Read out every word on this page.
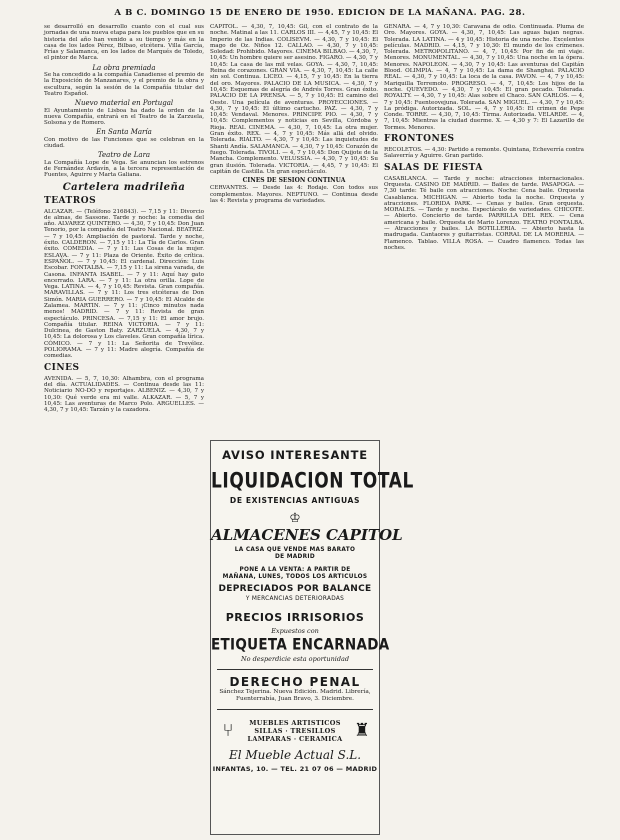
A B C. DOMINGO 15 DE ENERO DE 1950. EDICION DE LA MAÑANA. PAG. 28.

se desarrolló en desarrollo cuanto con el cual sus jornadas de una nueva etapa para los pueblos que en su historia del año han venido a su tiempo y más en la casa de los lados Pérez, Bilbao, etcétera. Villa García, Frías y Salamanca, en los lados de Marqués de Toledo, el pintor de Marca.

La obra premiada

Se ha concedido a la compañía Canadiense el premio de la Exposición de Manzanares, y el premio de la obra y escultura, según la sesión de la Compañía titular del Teatro Español.

Nuevo material en Portugal

El Ayuntamiento de Lisboa ha dado la orden de la nueva Compañía, entrará en el Teatro de la Zarzuela, Solsona y de Romero.

En Santa María

Con motivo de las Funciones que se celebran en la ciudad.

Teatro de Lara

La Compañía Lope de Vega. Se anuncian los estrenos de Fernández Ardavín, a la tercera representación de Fuentes, Aguirre y Marta Galiana.

Cartelera madrileña
TEATROS

ALCAZAR. — (Teléfono 216843). — 7,15 y 11: Divorcio de almas, de Sassone. Tarde y noche: la comedia del año. ALVAREZ QUINTERO. — 4,30, 7 y 10,45: Don Juan Tenorio, por la compañía del Teatro Nacional. BEATRIZ. — 7 y 10,45: Ampliación de pastoral. Tarde y noche, éxito. CALDERON. — 7,15 y 11: La Tía de Carlos. Gran éxito. COMEDIA. — 7 y 11: Las Cosas de la mujer. ESLAVA. — 7 y 11: Plaza de Oriente. Éxito de crítica. ESPAÑOL. — 7 y 10,45: El cardenal. Dirección: Luis Escobar. FONTALBA. — 7,15 y 11: La sirena varada, de Casona. INFANTA ISABEL. — 7 y 11: Aquí hay gato encerrado. LARA. — 7 y 11: La otra orilla. Lope de Vega. LATINA. — 4, 7 y 10,45: Revista. Gran compañía. MARAVILLAS. — 7 y 11: Los tres etcéteras de Don Simón. MARIA GUERRERO. — 7 y 10,45: El Alcalde de Zalamea. MARTIN. — 7 y 11: ¡Cinco minutos nada menos! MADRID. — 7 y 11: Revista de gran espectáculo. PRINCESA. — 7,15 y 11: El amor brujo. Compañía titular. REINA VICTORIA. — 7 y 11: Dulcinea, de Gaston Baty. ZARZUELA. — 4,30, 7 y 10,45: La dolorosa y Los claveles. Gran compañía lírica. CÓMICO. — 7 y 11: La Señorita de Trevélez. POLIORAMA. — 7 y 11: Madre alegría. Compañía de comedias.

CINES

AVENIDA. — 5, 7, 10,30: Alhambra, con el programa del día. ACTUALIDADES. — Continua desde las 11: Noticiario NO-DO y reportajes. ALBENIZ. — 4,30, 7 y 10,30: Qué verde era mi valle. ALKAZAR. — 5, 7 y 10,45: Las aventuras de Marco Polo. ARGUELLES. — 4,30, 7 y 10,45: Tarzán y la cazadora.

CAPITOL. — 4,30, 7, 10,45: Gil, con el contrato de la noche. Matinal a las 11. CARLOS III. — 4,45, 7 y 10,45: El Imperio de las Indias. COLISEVM. — 4,30, 7 y 10,45: El mago de Oz. Niños 12. CALLAO. — 4,30, 7 y 10,45: Soledad: Prohibido. Mayores. CINEMA BILBAO. — 4,30, 7, 10,45: Un hombre quiere ser asesino. FIGARO. — 4,30, 7 y 10,45: La casa de las mil velas. GOYA. — 4,30, 7, 10,45: Reina de corazones. GRAN VIA. — 4,30, 7, 10,45: La calle sin sol. Continua. LICEO. — 4,15, 7 y 10,45: En la tierra del oro. Mayores. PALACIO DE LA MUSICA. — 4,30, 7 y 10,45: Esquemas de alegría de Andrés Torres. Gran éxito. PALACIO DE LA PRENSA. — 5, 7 y 10,45: El camino del Oeste. Una película de aventuras. PROYECCIONES. — 4,30, 7 y 10,45: El último cartucho. PAZ. — 4,30, 7 y 10,45: Vendaval. Menores. PRINCIPE PIO. — 4,30, 7 y 10,45: Complementos y noticias en Sevilla, Córdoba y Rioja. REAL CINEMA. — 4,30, 7, 10,45: La otra mujer. Gran éxito. REX. — 4, 7 y 10,45: Más allá del olvido. Tolerada. RIALTO. — 4,30, 7 y 10,45: Las inquietudes de Shanti Andía. SALAMANCA. — 4,30, 7 y 10,45: Corazón de fuego. Tolerada. TIVOLI. — 4, 7 y 10,45: Don Quijote de la Mancha. Complemento. VELUSSIA. — 4,30, 7 y 10,45: Su gran ilusión. Tolerada. VICTORIA. — 4,45, 7 y 10,45: El capitán de Castilla. Un gran espectáculo.

CINES DE SESION CONTINUA

CERVANTES. — Desde las 4: Rodaje. Con todos sus complementos. Mayores. NEPTUNO. — Continua desde las 4: Revista y programa de variedades.

AVISO INTERESANTE
LIQUIDACION TOTAL
DE EXISTENCIAS ANTIGUAS
♔
ALMACENES CAPITOL
LA CASA QUE VENDE MAS BARATO
DE MADRID
PONE A LA VENTA: A PARTIR DE
MAÑANA, LUNES, TODOS LOS ARTICULOS
DEPRECIADOS POR BALANCE
Y MERCANCIAS DETERIORADAS
PRECIOS IRRISORIOS
Expuestos con
ETIQUETA ENCARNADA
No desperdicie esta oportunidad
DERECHO PENAL
Sánchez Tejerina. Nueva Edición. Madrid. Librería, Fuenterrabía, Juan Bravo, 3. Diciembre.
⑂	MUEBLES ARTISTICOS
SILLAS · TRESILLOS
LAMPARAS · CERAMICA ♜
El Mueble Actual S.L.
INFANTAS, 10. — TEL. 21 07 06 — MADRID

GENARA. — 4, 7 y 10,30: Caravana de odio. Continuada. Pluma de Oro. Mayores. GOYA. — 4,30, 7, 10,45: Las aguas bajan negras. Tolerada. LA LATINA. — 4 y 10,45: Historia de una noche. Excelentes películas. MADRID. — 4,15, 7 y 10,30: El mundo de los crímenes. Tolerada. METROPOLITANO. — 4, 7, 10,45: Por fin de mi viaje. Menores. MONUMENTAL. — 4,30, 7 y 10,45: Una noche en la ópera. Menores. NAPOLEON. — 4,30, 7 y 10,45: Las aventuras del Capitán Blood. OLIMPIA. — 4, 7 y 10,45: La dama de Shanghai. PALACIO REAL. — 4,30, 7 y 10,45: La loca de la casa. PAVON. — 4, 7 y 10,45: Mariquilla Terremoto. PROGRESO. — 4, 7, 10,45: Los hijos de la noche. QUEVEDO. — 4,30, 7 y 10,45: El gran pecado. Tolerada. ROYALTY. — 4,30, 7 y 10,45: Alas sobre el Chaco. SAN CARLOS. — 4, 7 y 10,45: Fuenteovejuna. Tolerada. SAN MIGUEL. — 4,30, 7 y 10,45: La pródiga. Autorizada. SOL. — 4, 7 y 10,45: El crimen de Pepe Conde. TORRE. — 4,30, 7, 10,45: Tirma. Autorizada. VELARDE. — 4, 7, 10,45: Mientras la ciudad duerme. X. — 4,30 y 7: El Lazarillo de Tormes. Menores.

FRONTONES

RECOLETOS. — 4,30: Partido a remonte. Quintana, Echeverría contra Salaverría y Aguirre. Gran partido.

SALAS DE FIESTA

CASABLANCA. — Tarde y noche: atracciones internacionales. Orquesta. CASINO DE MADRID. — Bailes de tarde. PASAPOGA. — 7,30 tarde: Té baile con atracciones. Noche: Cena baile. Orquesta Casablanca. MICHIGAN. — Abierto toda la noche. Orquesta y atracciones. FLORIDA PARK. — Cenas y bailes. Gran orquesta. MORALES. — Tarde y noche. Espectáculo de variedades. CHICOTE. — Abierto. Concierto de tarde. PARRILLA DEL REX. — Cena americana y baile. Orquesta de Mario Lorenzo. TEATRO FONTALBA. — Atracciones y bailes. LA BOTILLERIA. — Abierto hasta la madrugada. Cantaores y guitarristas. CORRAL DE LA MORERIA. — Flamenco. Tablao. VILLA ROSA. — Cuadro flamenco. Todas las noches.
